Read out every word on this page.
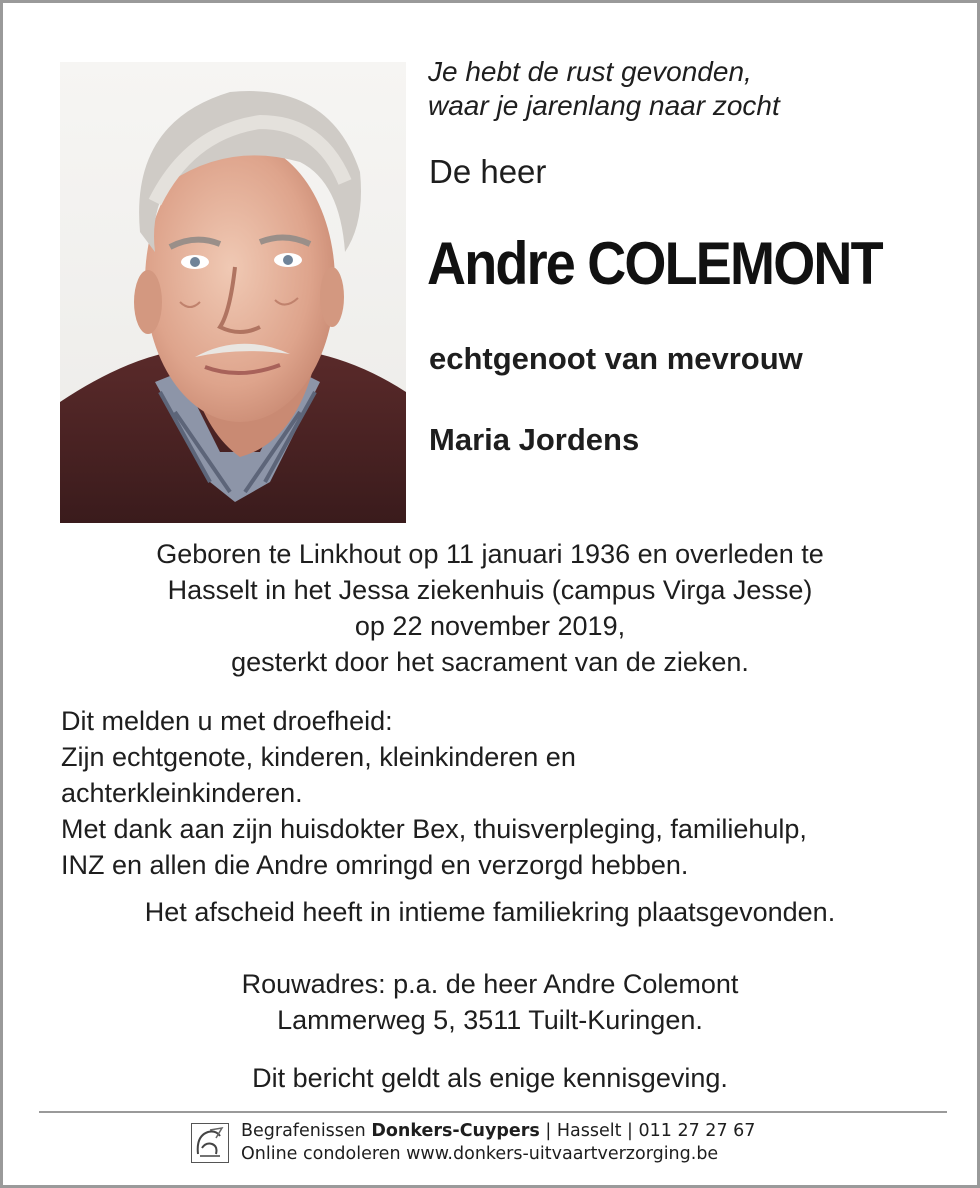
Je hebt de rust gevonden,
waar je jarenlang naar zocht
De heer
Andre COLEMONT
echtgenoot van mevrouw
Maria Jordens
Geboren te Linkhout op 11 januari 1936 en overleden te
Hasselt in het Jessa ziekenhuis (campus Virga Jesse)
op 22 november 2019,
gesterkt door het sacrament van de zieken.
Dit melden u met droefheid:
Zijn echtgenote, kinderen, kleinkinderen en
achterkleinkinderen.
Met dank aan zijn huisdokter Bex, thuisverpleging, familiehulp,
INZ en allen die Andre omringd en verzorgd hebben.
Het afscheid heeft in intieme familiekring plaatsgevonden.
Rouwadres: p.a. de heer Andre Colemont
Lammerweg 5, 3511 Tuilt-Kuringen.
Dit bericht geldt als enige kennisgeving.
Begrafenissen Donkers-Cuypers | Hasselt | 011 27 27 67
Online condoleren www.donkers-uitvaartverzorging.be
